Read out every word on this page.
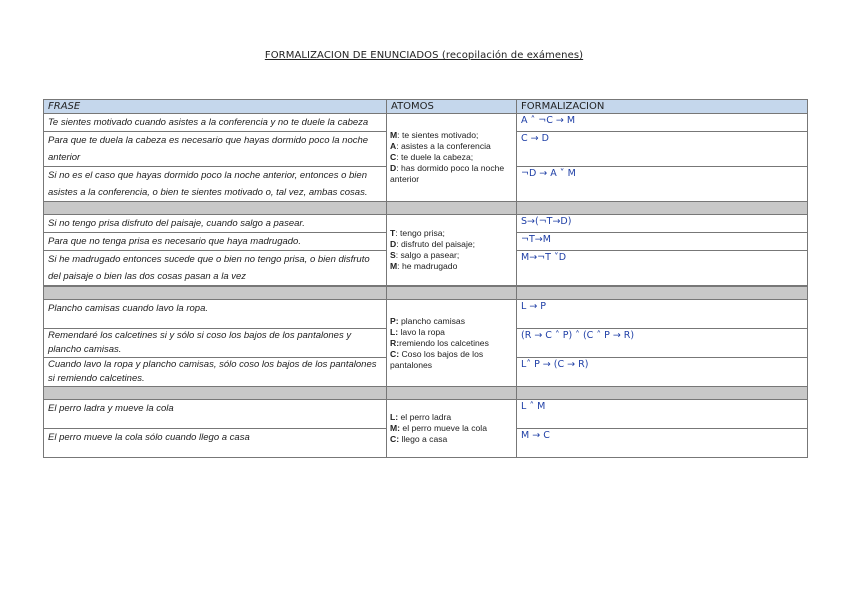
FORMALIZACION DE ENUNCIADOS (recopilación de exámenes)
FRASE	ATOMOS	FORMALIZACION
Te sientes motivado cuando asistes a la conferencia y no te duele la cabeza	M: te sientes motivado;
A: asistes a la conferencia
C: te duele la cabeza;
D: has dormido poco la noche anterior	A ˄ ¬C → M
Para que te duela la cabeza es necesario que hayas dormido poco la noche anterior		C → D
Si no es el caso que hayas dormido poco la noche anterior, entonces o bien asistes a la conferencia, o bien te sientes motivado o, tal vez, ambas cosas.		¬D → A ˅ M

Si no tengo prisa disfruto del paisaje, cuando salgo a pasear.	T: tengo prisa;
D: disfruto del paisaje;
S: salgo a pasear;
M: he madrugado	S→(¬T→D)
Para que no tenga prisa es necesario que haya madrugado.		¬T→M
Si he madrugado entonces sucede que o bien no tengo prisa, o bien disfruto del paisaje o bien las dos cosas pasan a la vez		M→¬T ˅D

Plancho camisas cuando lavo la ropa.	P: plancho camisas
L: lavo la ropa
R:remiendo los calcetines
C: Coso los bajos de los pantalones	L → P
Remendaré los calcetines si y sólo si coso los bajos de los pantalones y plancho camisas.		(R → C ˄ P) ˄ (C ˄ P → R)
Cuando lavo la ropa y plancho camisas, sólo coso los bajos de los pantalones si remiendo calcetines.		L˄ P → (C → R)

El perro ladra y mueve la cola	L: el perro ladra
M: el perro mueve la cola
C: llego a casa	L ˄ M
El perro mueve la cola sólo cuando llego a casa		M → C
